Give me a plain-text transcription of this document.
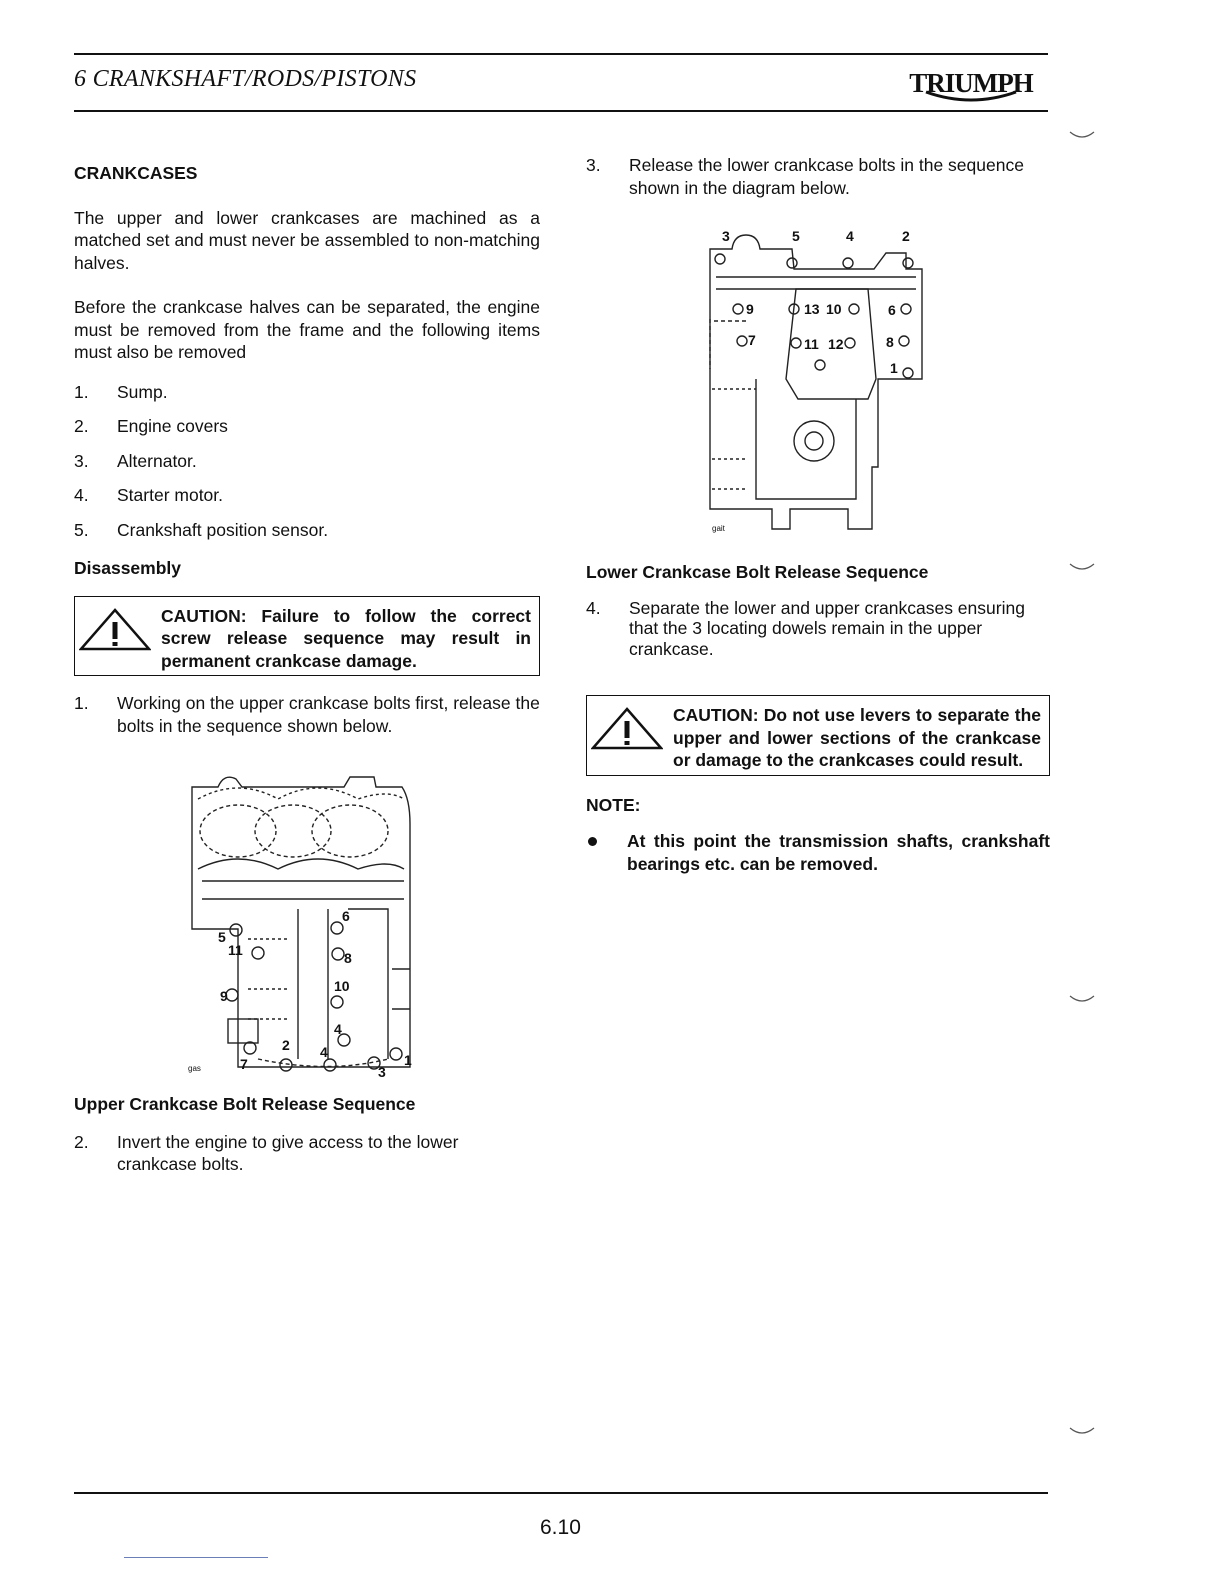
6 CRANKSHAFT/RODS/PISTONS	TRIUMPH

CRANKCASES

The upper and lower crankcases are machined as a matched set and must never be assembled to non-matching halves.

Before the crankcase halves can be separated, the engine must be removed from the frame and the following items must also be removed

1. Sump.
2. Engine covers
3. Alternator.
4. Starter motor.
5. Crankshaft position sensor.

Disassembly

CAUTION: Failure to follow the correct screw release sequence may result in permanent crankcase damage.
1. Working on the upper crankcase bolts first, release the bolts in the sequence shown below.
6
5
11	8
10
9
4
2 4
7	3
1
gas

Upper Crankcase Bolt Release Sequence

2. Invert the engine to give access to the lower crankcase bolts.
3. Release the lower crankcase bolts in the sequence shown in the diagram below.
3	5	4	2
9	13 10	6
7	11 12	8
1
gait

Lower Crankcase Bolt Release Sequence

4. Separate the lower and upper crankcases ensuring that the 3 locating dowels remain in the upper crankcase.
CAUTION: Do not use levers to separate the upper and lower sections of the crankcase or damage to the crankcases could result.

NOTE:

At this point the transmission shafts, crankshaft bearings etc. can be removed.
6.10
